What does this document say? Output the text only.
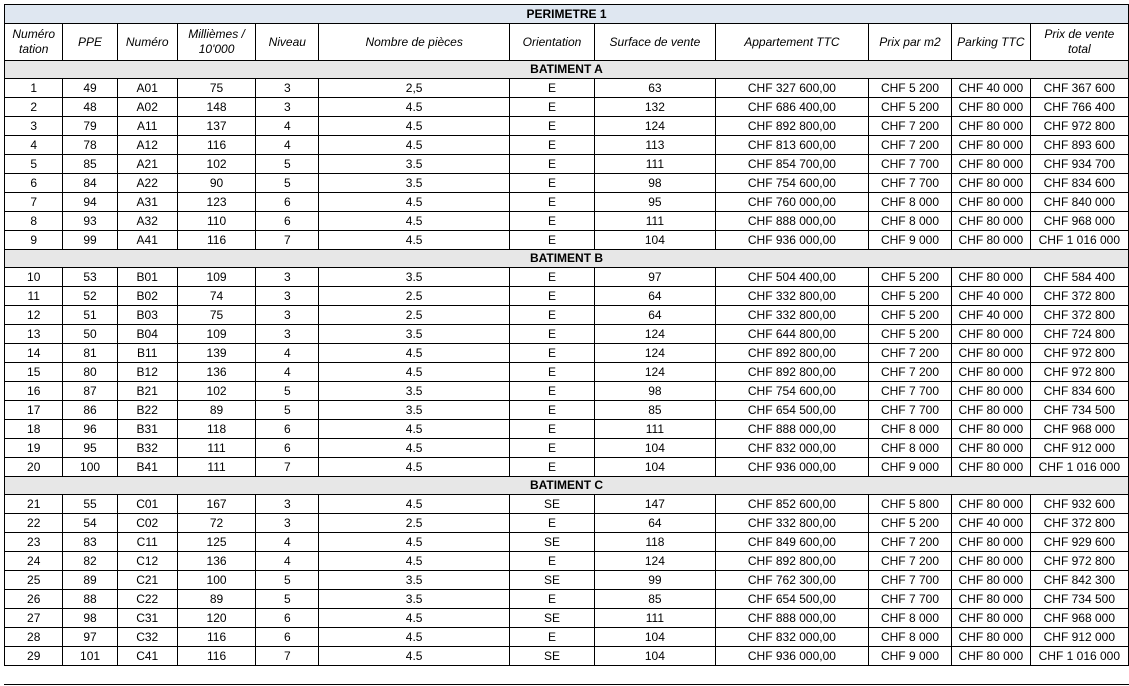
PERIMETRE 1											
Numéro tation	PPE	Numéro	Millièmes / 10'000	Niveau	Nombre de pièces	Orientation	Surface de vente	Appartement TTC	Prix par m2	Parking TTC	Prix de vente total
BATIMENT A											
1	49	A01	75	3	2,5	E	63	CHF 327 600,00	CHF 5 200	CHF 40 000	CHF 367 600
2	48	A02	148	3	4.5	E	132	CHF 686 400,00	CHF 5 200	CHF 80 000	CHF 766 400
3	79	A11	137	4	4.5	E	124	CHF 892 800,00	CHF 7 200	CHF 80 000	CHF 972 800
4	78	A12	116	4	4.5	E	113	CHF 813 600,00	CHF 7 200	CHF 80 000	CHF 893 600
5	85	A21	102	5	3.5	E	111	CHF 854 700,00	CHF 7 700	CHF 80 000	CHF 934 700
6	84	A22	90	5	3.5	E	98	CHF 754 600,00	CHF 7 700	CHF 80 000	CHF 834 600
7	94	A31	123	6	4.5	E	95	CHF 760 000,00	CHF 8 000	CHF 80 000	CHF 840 000
8	93	A32	110	6	4.5	E	111	CHF 888 000,00	CHF 8 000	CHF 80 000	CHF 968 000
9	99	A41	116	7	4.5	E	104	CHF 936 000,00	CHF 9 000	CHF 80 000	CHF 1 016 000
BATIMENT B											
10	53	B01	109	3	3.5	E	97	CHF 504 400,00	CHF 5 200	CHF 80 000	CHF 584 400
11	52	B02	74	3	2.5	E	64	CHF 332 800,00	CHF 5 200	CHF 40 000	CHF 372 800
12	51	B03	75	3	2.5	E	64	CHF 332 800,00	CHF 5 200	CHF 40 000	CHF 372 800
13	50	B04	109	3	3.5	E	124	CHF 644 800,00	CHF 5 200	CHF 80 000	CHF 724 800
14	81	B11	139	4	4.5	E	124	CHF 892 800,00	CHF 7 200	CHF 80 000	CHF 972 800
15	80	B12	136	4	4.5	E	124	CHF 892 800,00	CHF 7 200	CHF 80 000	CHF 972 800
16	87	B21	102	5	3.5	E	98	CHF 754 600,00	CHF 7 700	CHF 80 000	CHF 834 600
17	86	B22	89	5	3.5	E	85	CHF 654 500,00	CHF 7 700	CHF 80 000	CHF 734 500
18	96	B31	118	6	4.5	E	111	CHF 888 000,00	CHF 8 000	CHF 80 000	CHF 968 000
19	95	B32	111	6	4.5	E	104	CHF 832 000,00	CHF 8 000	CHF 80 000	CHF 912 000
20	100	B41	111	7	4.5	E	104	CHF 936 000,00	CHF 9 000	CHF 80 000	CHF 1 016 000
BATIMENT C											
21	55	C01	167	3	4.5	SE	147	CHF 852 600,00	CHF 5 800	CHF 80 000	CHF 932 600
22	54	C02	72	3	2.5	E	64	CHF 332 800,00	CHF 5 200	CHF 40 000	CHF 372 800
23	83	C11	125	4	4.5	SE	118	CHF 849 600,00	CHF 7 200	CHF 80 000	CHF 929 600
24	82	C12	136	4	4.5	E	124	CHF 892 800,00	CHF 7 200	CHF 80 000	CHF 972 800
25	89	C21	100	5	3.5	SE	99	CHF 762 300,00	CHF 7 700	CHF 80 000	CHF 842 300
26	88	C22	89	5	3.5	E	85	CHF 654 500,00	CHF 7 700	CHF 80 000	CHF 734 500
27	98	C31	120	6	4.5	SE	111	CHF 888 000,00	CHF 8 000	CHF 80 000	CHF 968 000
28	97	C32	116	6	4.5	E	104	CHF 832 000,00	CHF 8 000	CHF 80 000	CHF 912 000
29	101	C41	116	7	4.5	SE	104	CHF 936 000,00	CHF 9 000	CHF 80 000	CHF 1 016 000
